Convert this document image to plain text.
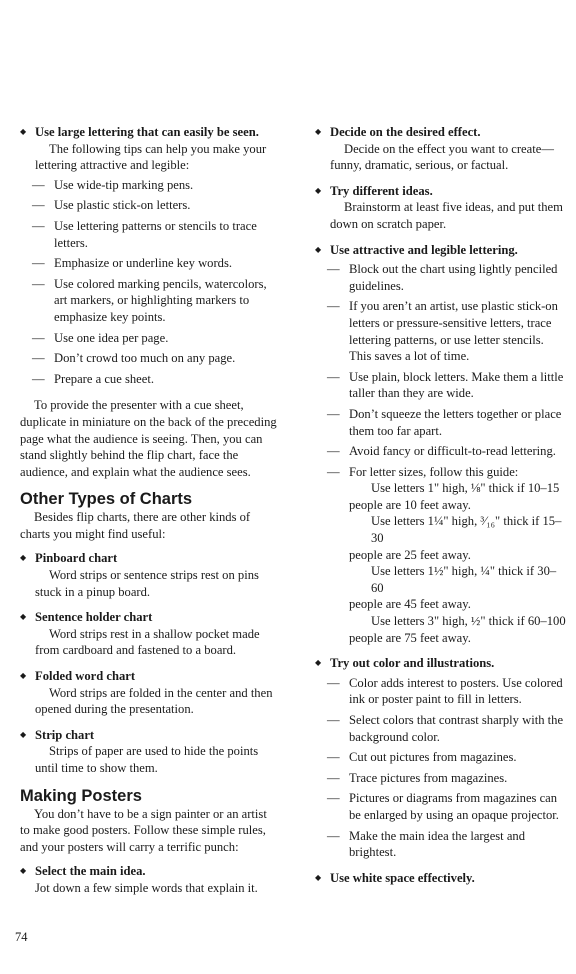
◆ Use large lettering that can easily be seen.
The following tips can help you make your lettering attractive and legible:
— Use wide-tip marking pens.
— Use plastic stick-on letters.
— Use lettering patterns or stencils to trace letters.
— Emphasize or underline key words.
— Use colored marking pencils, watercolors, art markers, or highlighting markers to emphasize key points.
— Use one idea per page.
— Don’t crowd too much on any page.
— Prepare a cue sheet.

To provide the presenter with a cue sheet, duplicate in miniature on the back of the preceding page what the audience is seeing. Then, you can stand slightly behind the flip chart, face the audience, and explain what the audience sees.

Other Types of Charts

Besides flip charts, there are other kinds of charts you might find useful:

◆ Pinboard chart
Word strips or sentence strips rest on pins stuck in a pinup board.
◆ Sentence holder chart
Word strips rest in a shallow pocket made from cardboard and fastened to a board.
◆ Folded word chart
Word strips are folded in the center and then opened during the presentation.
◆ Strip chart
Strips of paper are used to hide the points until time to show them.
Making Posters

You don’t have to be a sign painter or an artist to make good posters. Follow these simple rules, and your posters will carry a terrific punch:

◆ Select the main idea.
Jot down a few simple words that explain it.
◆ Decide on the desired effect.
Decide on the effect you want to create—funny, dramatic, serious, or factual.
◆ Try different ideas.
Brainstorm at least five ideas, and put them down on scratch paper.
◆ Use attractive and legible lettering.
— Block out the chart using lightly penciled guidelines.
— If you aren’t an artist, use plastic stick-on letters or pressure-sensitive letters, trace lettering patterns, or use letter stencils. This saves a lot of time.
— Use plain, block letters. Make them a little taller than they are wide.
— Don’t squeeze the letters together or place them too far apart.
— Avoid fancy or difficult-to-read lettering.
— For letter sizes, follow this guide:
Use letters 1" high, ⅛" thick if 10–15
people are 10 feet away.
Use letters 1¼" high, ³⁄₁₆" thick if 15–30
people are 25 feet away.
Use letters 1½" high, ¼" thick if 30–60
people are 45 feet away.
Use letters 3" high, ½" thick if 60–100
people are 75 feet away.
◆ Try out color and illustrations.
— Color adds interest to posters. Use colored ink or poster paint to fill in letters.
— Select colors that contrast sharply with the background color.
— Cut out pictures from magazines.
— Trace pictures from magazines.
— Pictures or diagrams from magazines can be enlarged by using an opaque projector.
— Make the main idea the largest and brightest.
◆ Use white space effectively.
74
